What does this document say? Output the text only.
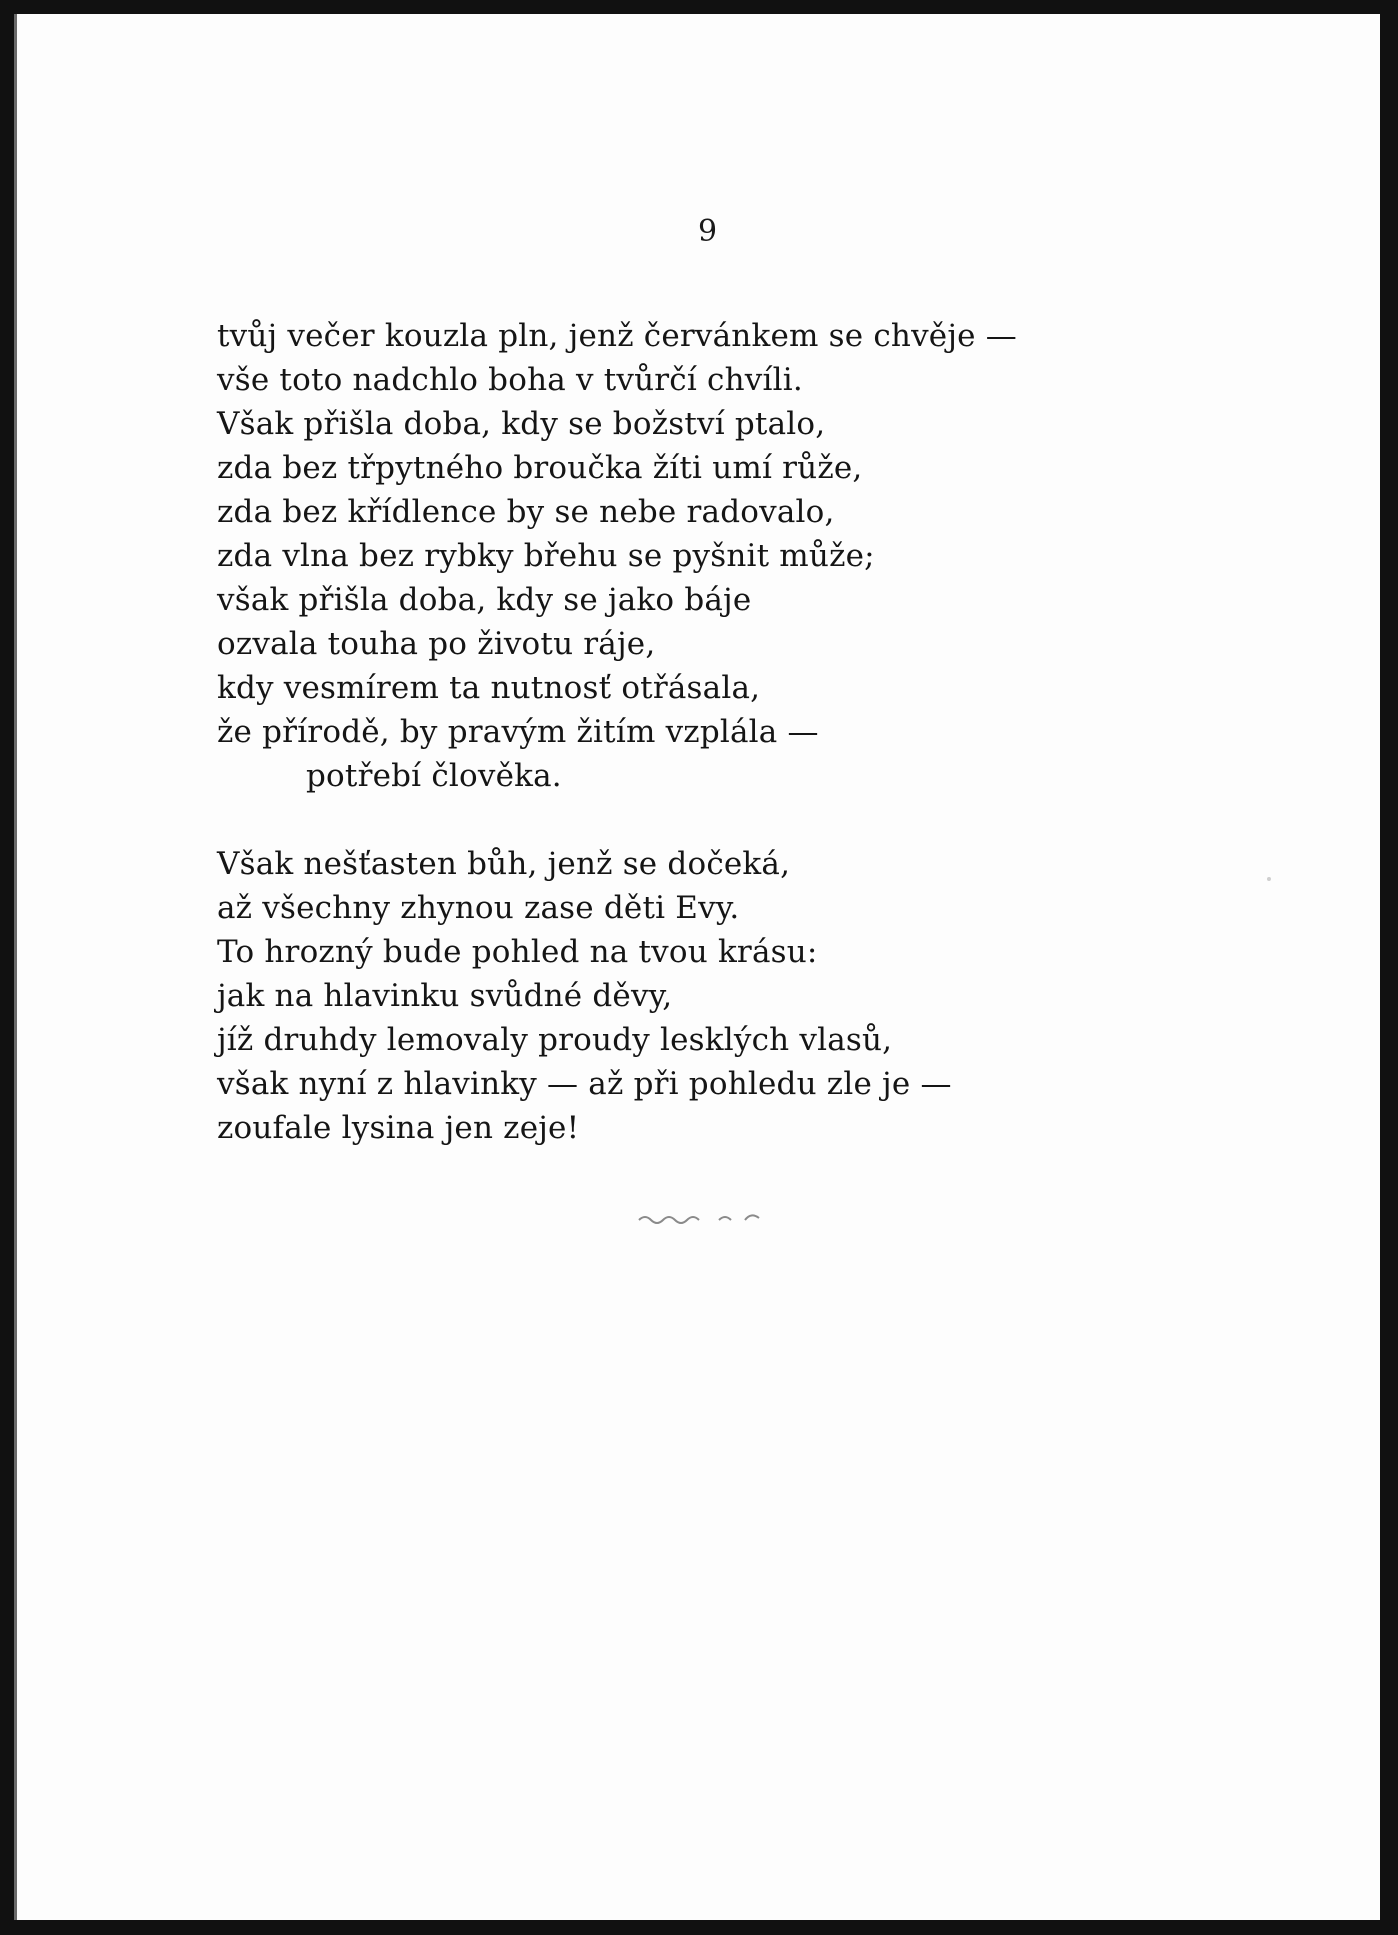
9

tvůj večer kouzla pln, jenž červánkem se chvěje —
vše toto nadchlo boha v tvůrčí chvíli.
Však přišla doba, kdy se božství ptalo,
zda bez třpytného broučka žíti umí růže,
zda bez křídlence by se nebe radovalo,
zda vlna bez rybky břehu se pyšnit může;
však přišla doba, kdy se jako báje
ozvala touha po životu ráje,
kdy vesmírem ta nutnosť otřásala,
že přírodě, by pravým žitím vzplála —
potřebí člověka.

Však nešťasten bůh, jenž se dočeká,
až všechny zhynou zase děti Evy.
To hrozný bude pohled na tvou krásu:
jak na hlavinku svůdné děvy,
jíž druhdy lemovaly proudy lesklých vlasů,
však nyní z hlavinky — až při pohledu zle je —
zoufale lysina jen zeje!
